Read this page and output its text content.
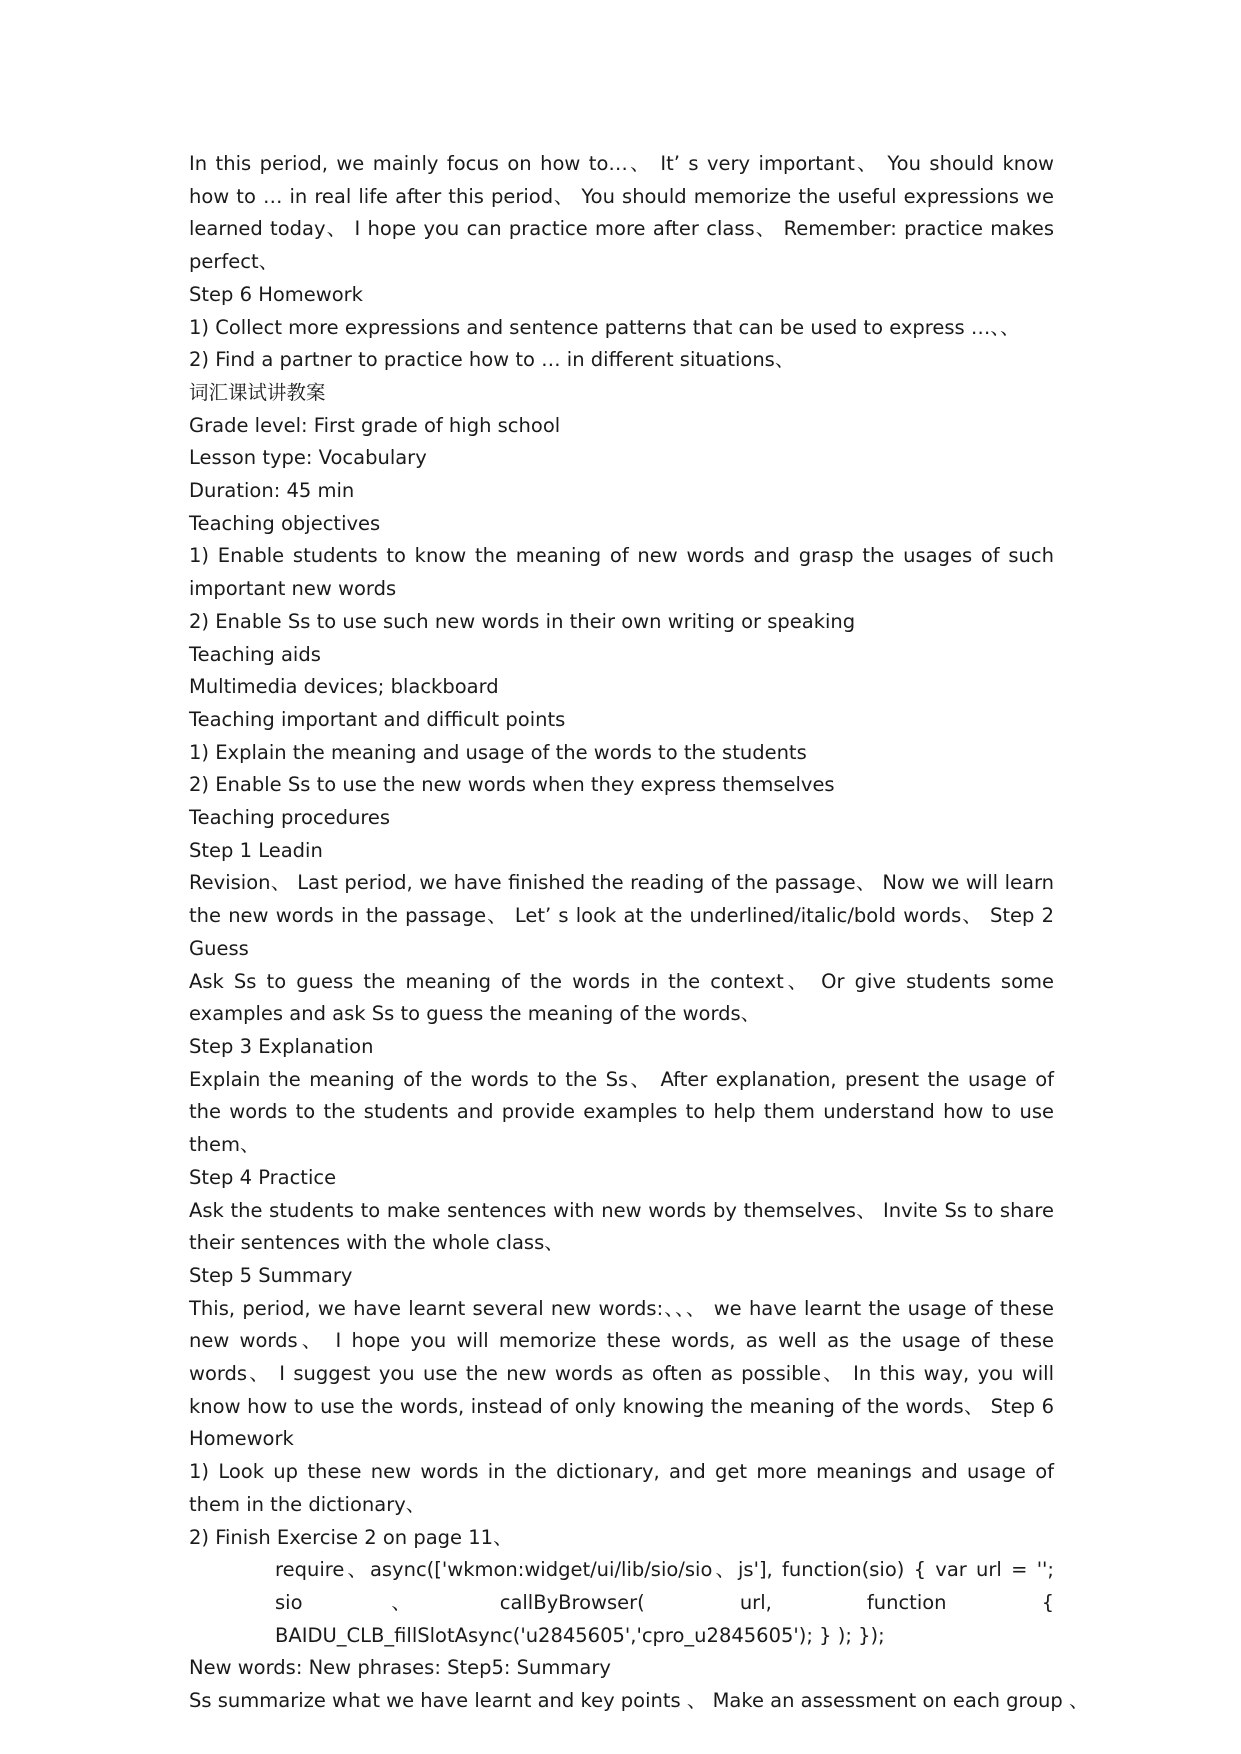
In this period, we mainly focus on how to…、 It’ s very important、 You should know how to … in real life after this period、 You should memorize the useful expressions we learned today、 I hope you can practice more after class、 Remember: practice makes perfect、

Step 6 Homework

1) Collect more expressions and sentence patterns that can be used to express …、、

2) Find a partner to practice how to … in different situations、

词汇课试讲教案

Grade level: First grade of high school

Lesson type: Vocabulary

Duration: 45 min

Teaching objectives

1) Enable students to know the meaning of new words and grasp the usages of such important new words

2) Enable Ss to use such new words in their own writing or speaking

Teaching aids

Multimedia devices; blackboard

Teaching important and difficult points

1) Explain the meaning and usage of the words to the students

2) Enable Ss to use the new words when they express themselves

Teaching procedures

Step 1 Leadin

Revision、 Last period, we have finished the reading of the passage、 Now we will learn the new words in the passage、 Let’ s look at the underlined/italic/bold words、 Step 2 Guess

Ask Ss to guess the meaning of the words in the context、 Or give students some examples and ask Ss to guess the meaning of the words、

Step 3 Explanation

Explain the meaning of the words to the Ss、 After explanation, present the usage of the words to the students and provide examples to help them understand how to use them、

Step 4 Practice

Ask the students to make sentences with new words by themselves、 Invite Ss to share their sentences with the whole class、

Step 5 Summary

This, period, we have learnt several new words:、、、 we have learnt the usage of these new words、 I hope you will memorize these words, as well as the usage of these words、 I suggest you use the new words as often as possible、 In this way, you will know how to use the words, instead of only knowing the meaning of the words、 Step 6 Homework

1) Look up these new words in the dictionary, and get more meanings and usage of them in the dictionary、

2) Finish Exercise 2 on page 11、

require、async(['wkmon:widget/ui/lib/sio/sio、js'], function(sio) { var url = ''; sio、callByBrowser( url, function { BAIDU_CLB_fillSlotAsync('u2845605','cpro_u2845605'); } ); });

New words: New phrases: Step5: Summary

Ss summarize what we have learnt and key points 、 Make an assessment on each group 、
